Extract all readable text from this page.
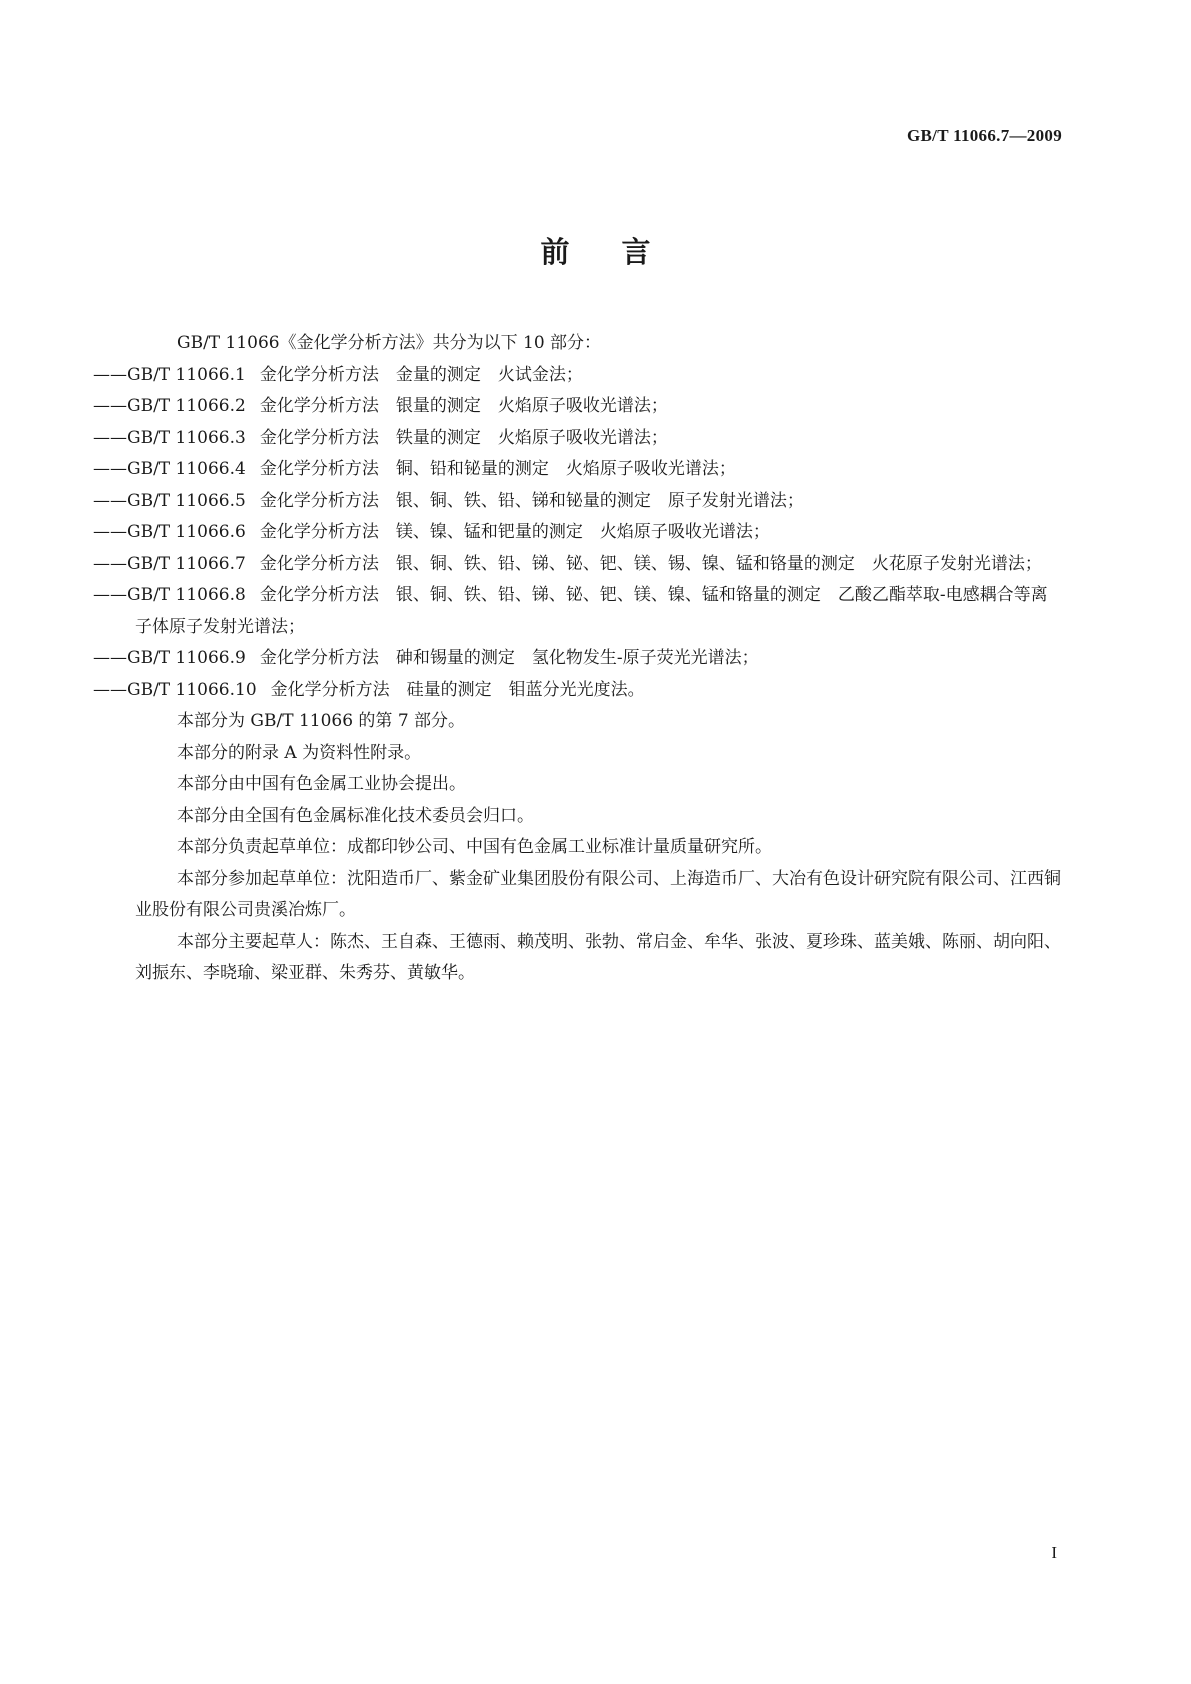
GB/T 11066.7—2009
前言

GB/T 11066《金化学分析方法》共分为以下 10 部分：

——GB/T 11066.1 金化学分析方法 金量的测定 火试金法；

——GB/T 11066.2 金化学分析方法 银量的测定 火焰原子吸收光谱法；

——GB/T 11066.3 金化学分析方法 铁量的测定 火焰原子吸收光谱法；

——GB/T 11066.4 金化学分析方法 铜、铅和铋量的测定 火焰原子吸收光谱法；

——GB/T 11066.5 金化学分析方法 银、铜、铁、铅、锑和铋量的测定 原子发射光谱法；

——GB/T 11066.6 金化学分析方法 镁、镍、锰和钯量的测定 火焰原子吸收光谱法；

——GB/T 11066.7 金化学分析方法 银、铜、铁、铅、锑、铋、钯、镁、锡、镍、锰和铬量的测定 火花原子发射光谱法；

——GB/T 11066.8 金化学分析方法 银、铜、铁、铅、锑、铋、钯、镁、镍、锰和铬量的测定 乙酸乙酯萃取-电感耦合等离子体原子发射光谱法；

——GB/T 11066.9 金化学分析方法 砷和锡量的测定 氢化物发生-原子荧光光谱法；

——GB/T 11066.10 金化学分析方法 硅量的测定 钼蓝分光光度法。

本部分为 GB/T 11066 的第 7 部分。

本部分的附录 A 为资料性附录。

本部分由中国有色金属工业协会提出。

本部分由全国有色金属标准化技术委员会归口。

本部分负责起草单位：成都印钞公司、中国有色金属工业标准计量质量研究所。

本部分参加起草单位：沈阳造币厂、紫金矿业集团股份有限公司、上海造币厂、大冶有色设计研究院有限公司、江西铜业股份有限公司贵溪冶炼厂。

本部分主要起草人：陈杰、王自森、王德雨、赖茂明、张勃、常启金、牟华、张波、夏珍珠、蓝美娥、陈丽、胡向阳、刘振东、李晓瑜、梁亚群、朱秀芬、黄敏华。

I
